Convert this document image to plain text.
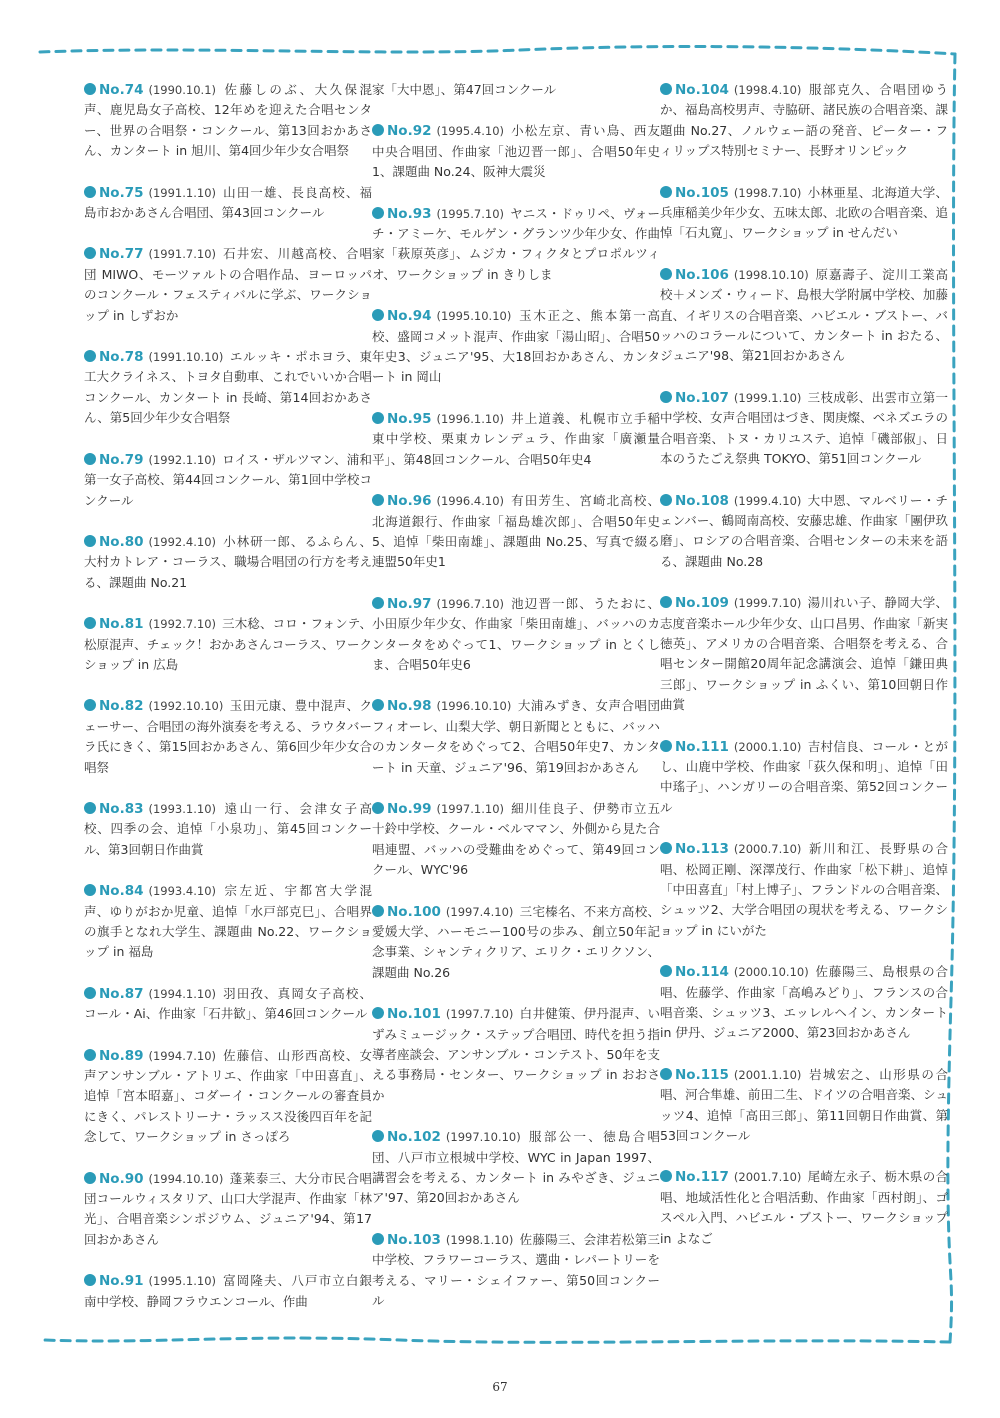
No.74 (1990.10.1) 佐藤しのぶ、大久保混声、鹿児島女子高校、12年めを迎えた合唱センター、世界の合唱祭・コンクール、第13回おかあさん、カンタート in 旭川、第4回少年少女合唱祭

No.75 (1991.1.10) 山田一雄、長良高校、福島市おかあさん合唱団、第43回コンクール

No.77 (1991.7.10) 石井宏、川越高校、合唱団 MIWO、モーツァルトの合唱作品、ヨーロッパのコンクール・フェスティバルに学ぶ、ワークショップ in しずおか

No.78 (1991.10.10) エルッキ・ポホヨラ、東工大クライネス、トヨタ自動車、これでいいか合唱コンクール、カンタート in 長崎、第14回おかあさん、第5回少年少女合唱祭

No.79 (1992.1.10) ロイス・ザルツマン、浦和第一女子高校、第44回コンクール、第1回中学校コンクール

No.80 (1992.4.10) 小林研一郎、るふらん、大村カトレア・コーラス、職場合唱団の行方を考える、課題曲 No.21

No.81 (1992.7.10) 三木稔、コロ・フォンテ、松原混声、チェック！おかあさんコーラス、ワークショップ in 広島

No.82 (1992.10.10) 玉田元康、豊中混声、クェーサー、合唱団の海外演奏を考える、ラウタバーラ氏にきく、第15回おかあさん、第6回少年少女合唱祭

No.83 (1993.1.10) 遠山一行、会津女子高校、四季の会、追悼「小泉功」、第45回コンクール、第3回朝日作曲賞

No.84 (1993.4.10) 宗左近、宇都宮大学混声、ゆりがおか児童、追悼「水戸部克巳」、合唱界の旗手となれ大学生、課題曲 No.22、ワークショップ in 福島

No.87 (1994.1.10) 羽田孜、真岡女子高校、コール・Ai、作曲家「石井歓」、第46回コンクール

No.89 (1994.7.10) 佐藤信、山形西高校、女声アンサンブル・アトリエ、作曲家「中田喜直」、追悼「宮本昭嘉」、コダーイ・コンクールの審査員にきく、パレストリーナ・ラッスス没後四百年を記念して、ワークショップ in さっぽろ

No.90 (1994.10.10) 蓬莱泰三、大分市民合唱団コールウィスタリア、山口大学混声、作曲家「林光」、合唱音楽シンポジウム、ジュニア'94、第17回おかあさん

No.91 (1995.1.10) 富岡隆夫、八戸市立白銀南中学校、静岡フラウエンコール、作曲

家「大中恩」、第47回コンクール

No.92 (1995.4.10) 小松左京、青い鳥、西友中央合唱団、作曲家「池辺晋一郎」、合唱50年史1、課題曲 No.24、阪神大震災

No.93 (1995.7.10) ヤニス・ドゥリペ、ヴォーチ・アミーケ、モルゲン・グランツ少年少女、作曲家「萩原英彦」、ムジカ・フィクタとプロポルツィオ、ワークショップ in きりしま

No.94 (1995.10.10) 玉木正之、熊本第一高校、盛岡コメット混声、作曲家「湯山昭」、合唱50年史3、ジュニア'95、大18回おかあさん、カンタート in 岡山

No.95 (1996.1.10) 井上道義、札幌市立手稲東中学校、栗東カレンデュラ、作曲家「廣瀬量平」、第48回コンクール、合唱50年史4

No.96 (1996.4.10) 有田芳生、宮崎北高校、北海道銀行、作曲家「福島雄次郎」、合唱50年史5、追悼「柴田南雄」、課題曲 No.25、写真で綴る連盟50年史1

No.97 (1996.7.10) 池辺晋一郎、うたおに、小田原少年少女、作曲家「柴田南雄」、バッハのカンタータをめぐって1、ワークショップ in とくしま、合唱50年史6

No.98 (1996.10.10) 大浦みずき、女声合唱団フィオーレ、山梨大学、朝日新聞とともに、バッハのカンタータをめぐって2、合唱50年史7、カンタート in 天童、ジュニア'96、第19回おかあさん

No.99 (1997.1.10) 細川佳良子、伊勢市立五十鈴中学校、クール・ベルママン、外側から見た合唱連盟、バッハの受難曲をめぐって、第49回コンクール、WYC'96

No.100 (1997.4.10) 三宅榛名、不来方高校、愛媛大学、ハーモニー100号の歩み、創立50年記念事業、シャンティクリア、エリク・エリクソン、課題曲 No.26

No.101 (1997.7.10) 白井健策、伊丹混声、いずみミュージック・ステップ合唱団、時代を担う指導者座談会、アンサンブル・コンテスト、50年を支える事務局・センター、ワークショップ in おおさか

No.102 (1997.10.10) 服部公一、徳島合唱団、八戸市立根城中学校、WYC in Japan 1997、講習会を考える、カンタート in みやざき、ジュニア'97、第20回おかあさん

No.103 (1998.1.10) 佐藤陽三、会津若松第三中学校、フラワーコーラス、選曲・レパートリーを考える、マリー・シェイファー、第50回コンクール

No.104 (1998.4.10) 服部克久、合唱団ゆうか、福島高校男声、寺脇研、諸民族の合唱音楽、課題曲 No.27、ノルウェー語の発音、ピーター・フィリップス特別セミナー、長野オリンピック

No.105 (1998.7.10) 小林亜星、北海道大学、兵庫稲美少年少女、五味太郎、北欧の合唱音楽、追悼「石丸寛」、ワークショップ in せんだい

No.106 (1998.10.10) 原嘉壽子、淀川工業高校＋メンズ・ウィード、島根大学附属中学校、加藤直、イギリスの合唱音楽、ハビエル・ブストー、バッハのコラールについて、カンタート in おたる、ジュニア'98、第21回おかあさん

No.107 (1999.1.10) 三枝成彰、出雲市立第一中学校、女声合唱団はづき、関庚燦、ベネズエラの合唱音楽、トヌ・カリユステ、追悼「磯部俶」、日本のうたごえ祭典 TOKYO、第51回コンクール

No.108 (1999.4.10) 大中恩、マルベリー・チェンバー、鶴岡南高校、安藤忠雄、作曲家「團伊玖磨」、ロシアの合唱音楽、合唱センターの未来を語る、課題曲 No.28

No.109 (1999.7.10) 湯川れい子、静岡大学、志度音楽ホール少年少女、山口昌男、作曲家「新実徳英」、アメリカの合唱音楽、合唱祭を考える、合唱センター開館20周年記念講演会、追悼「鎌田典三郎」、ワークショップ in ふくい、第10回朝日作曲賞

No.111 (2000.1.10) 吉村信良、コール・とがし、山鹿中学校、作曲家「荻久保和明」、追悼「田中瑤子」、ハンガリーの合唱音楽、第52回コンクール

No.113 (2000.7.10) 新川和江、長野県の合唱、松岡正剛、深澤茂行、作曲家「松下耕」、追悼「中田喜直」「村上博子」、フランドルの合唱音楽、シュッツ2、大学合唱団の現状を考える、ワークショップ in にいがた

No.114 (2000.10.10) 佐藤陽三、島根県の合唱、佐藤学、作曲家「高嶋みどり」、フランスの合唱音楽、シュッツ3、エッレルヘイン、カンタート in 伊丹、ジュニア2000、第23回おかあさん

No.115 (2001.1.10) 岩城宏之、山形県の合唱、河合隼雄、前田二生、ドイツの合唱音楽、シュッツ4、追悼「高田三郎」、第11回朝日作曲賞、第53回コンクール

No.117 (2001.7.10) 尾崎左永子、栃木県の合唱、地域活性化と合唱活動、作曲家「西村朗」、ゴスペル入門、ハビエル・ブストー、ワークショップ in よなご

67
